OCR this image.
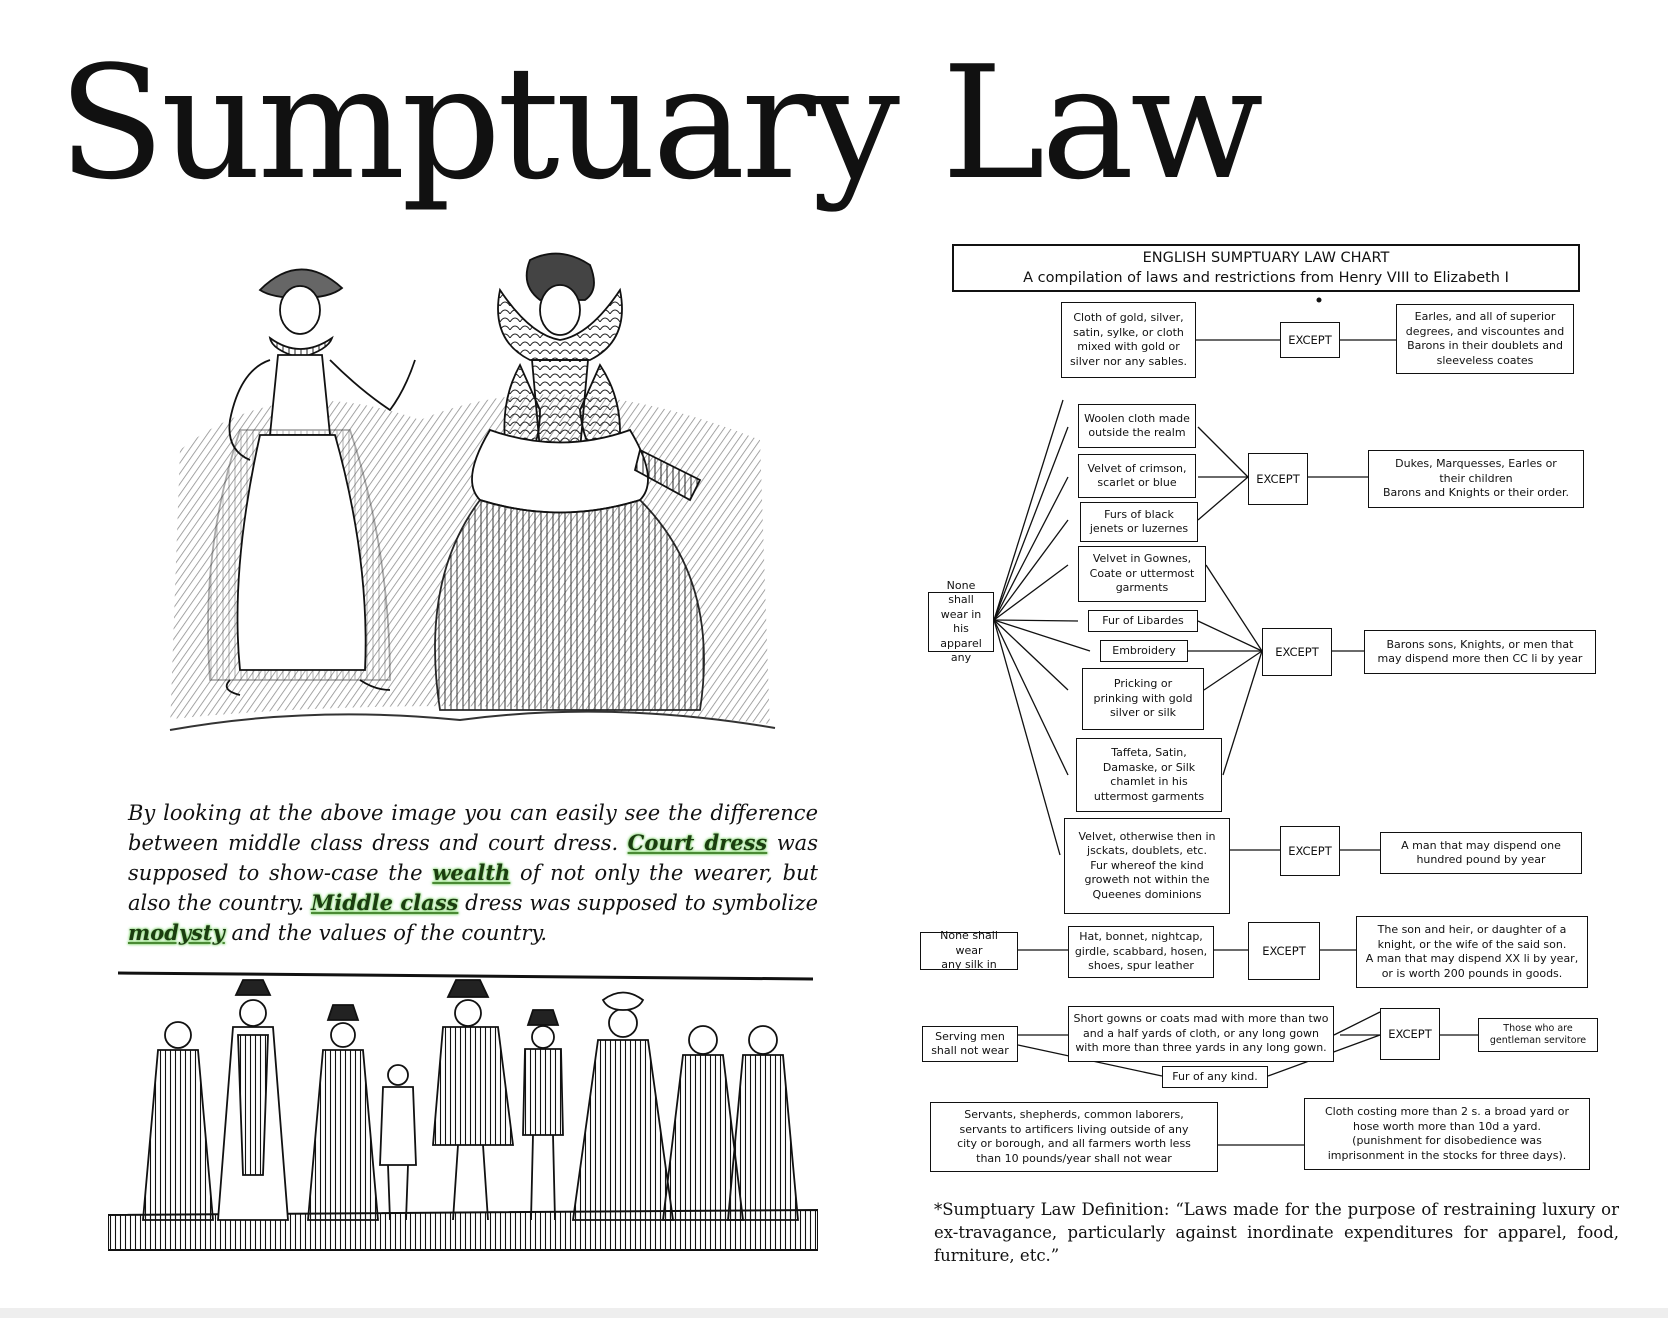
Sumptuary Law
By looking at the above image you can easily see the difference between middle class dress and court dress. Court dress was supposed to show-case the wealth of not only the wearer, but also the country. Middle class dress was supposed to symbolize modysty and the values of the country.
ENGLISH SUMPTUARY LAW CHART
A compilation of laws and restrictions from Henry VIII to Elizabeth I
Cloth of gold, silver,
satin, sylke, or cloth
mixed with gold or
silver nor any sables.
EXCEPT
Earles, and all of superior
degrees, and viscountes and
Barons in their doublets and
sleeveless coates
None shall
wear in his
apparel any
Woolen cloth made
outside the realm
Velvet of crimson,
scarlet or blue
Furs of black
jenets or luzernes
EXCEPT
Dukes, Marquesses, Earles or
their children
Barons and Knights or their order.
Velvet in Gownes,
Coate or uttermost
garments
Fur of Libardes
Embroidery
Pricking or
prinking with gold
silver or silk
Taffeta, Satin,
Damaske, or Silk
chamlet in his
uttermost garments
EXCEPT
Barons sons, Knights, or men that
may dispend more then CC li by year
Velvet, otherwise then in
jsckats, doublets, etc.
Fur whereof the kind
groweth not within the
Queenes dominions
EXCEPT	A man that may dispend one
hundred pound by year
None shall wear
any silk in
Hat, bonnet, nightcap,
girdle, scabbard, hosen,
shoes, spur leather
EXCEPT
The son and heir, or daughter of a
knight, or the wife of the said son.
A man that may dispend XX li by year,
or is worth 200 pounds in goods.
Serving men
shall not wear
Short gowns or coats mad with more than two
and a half yards of cloth, or any long gown
with more than three yards in any long gown.
Fur of any kind.
EXCEPT	Those who are
gentleman servitore
Servants, shepherds, common laborers,
servants to artificers living outside of any
city or borough, and all farmers worth less
than 10 pounds/year shall not wear
Cloth costing more than 2 s. a broad yard or
hose worth more than 10d a yard.
(punishment for disobedience was
imprisonment in the stocks for three days).
*Sumptuary Law Definition: “Laws made for the purpose of restraining luxury or ex-travagance, particularly against inordinate expenditures for apparel, food, furniture, etc.”
